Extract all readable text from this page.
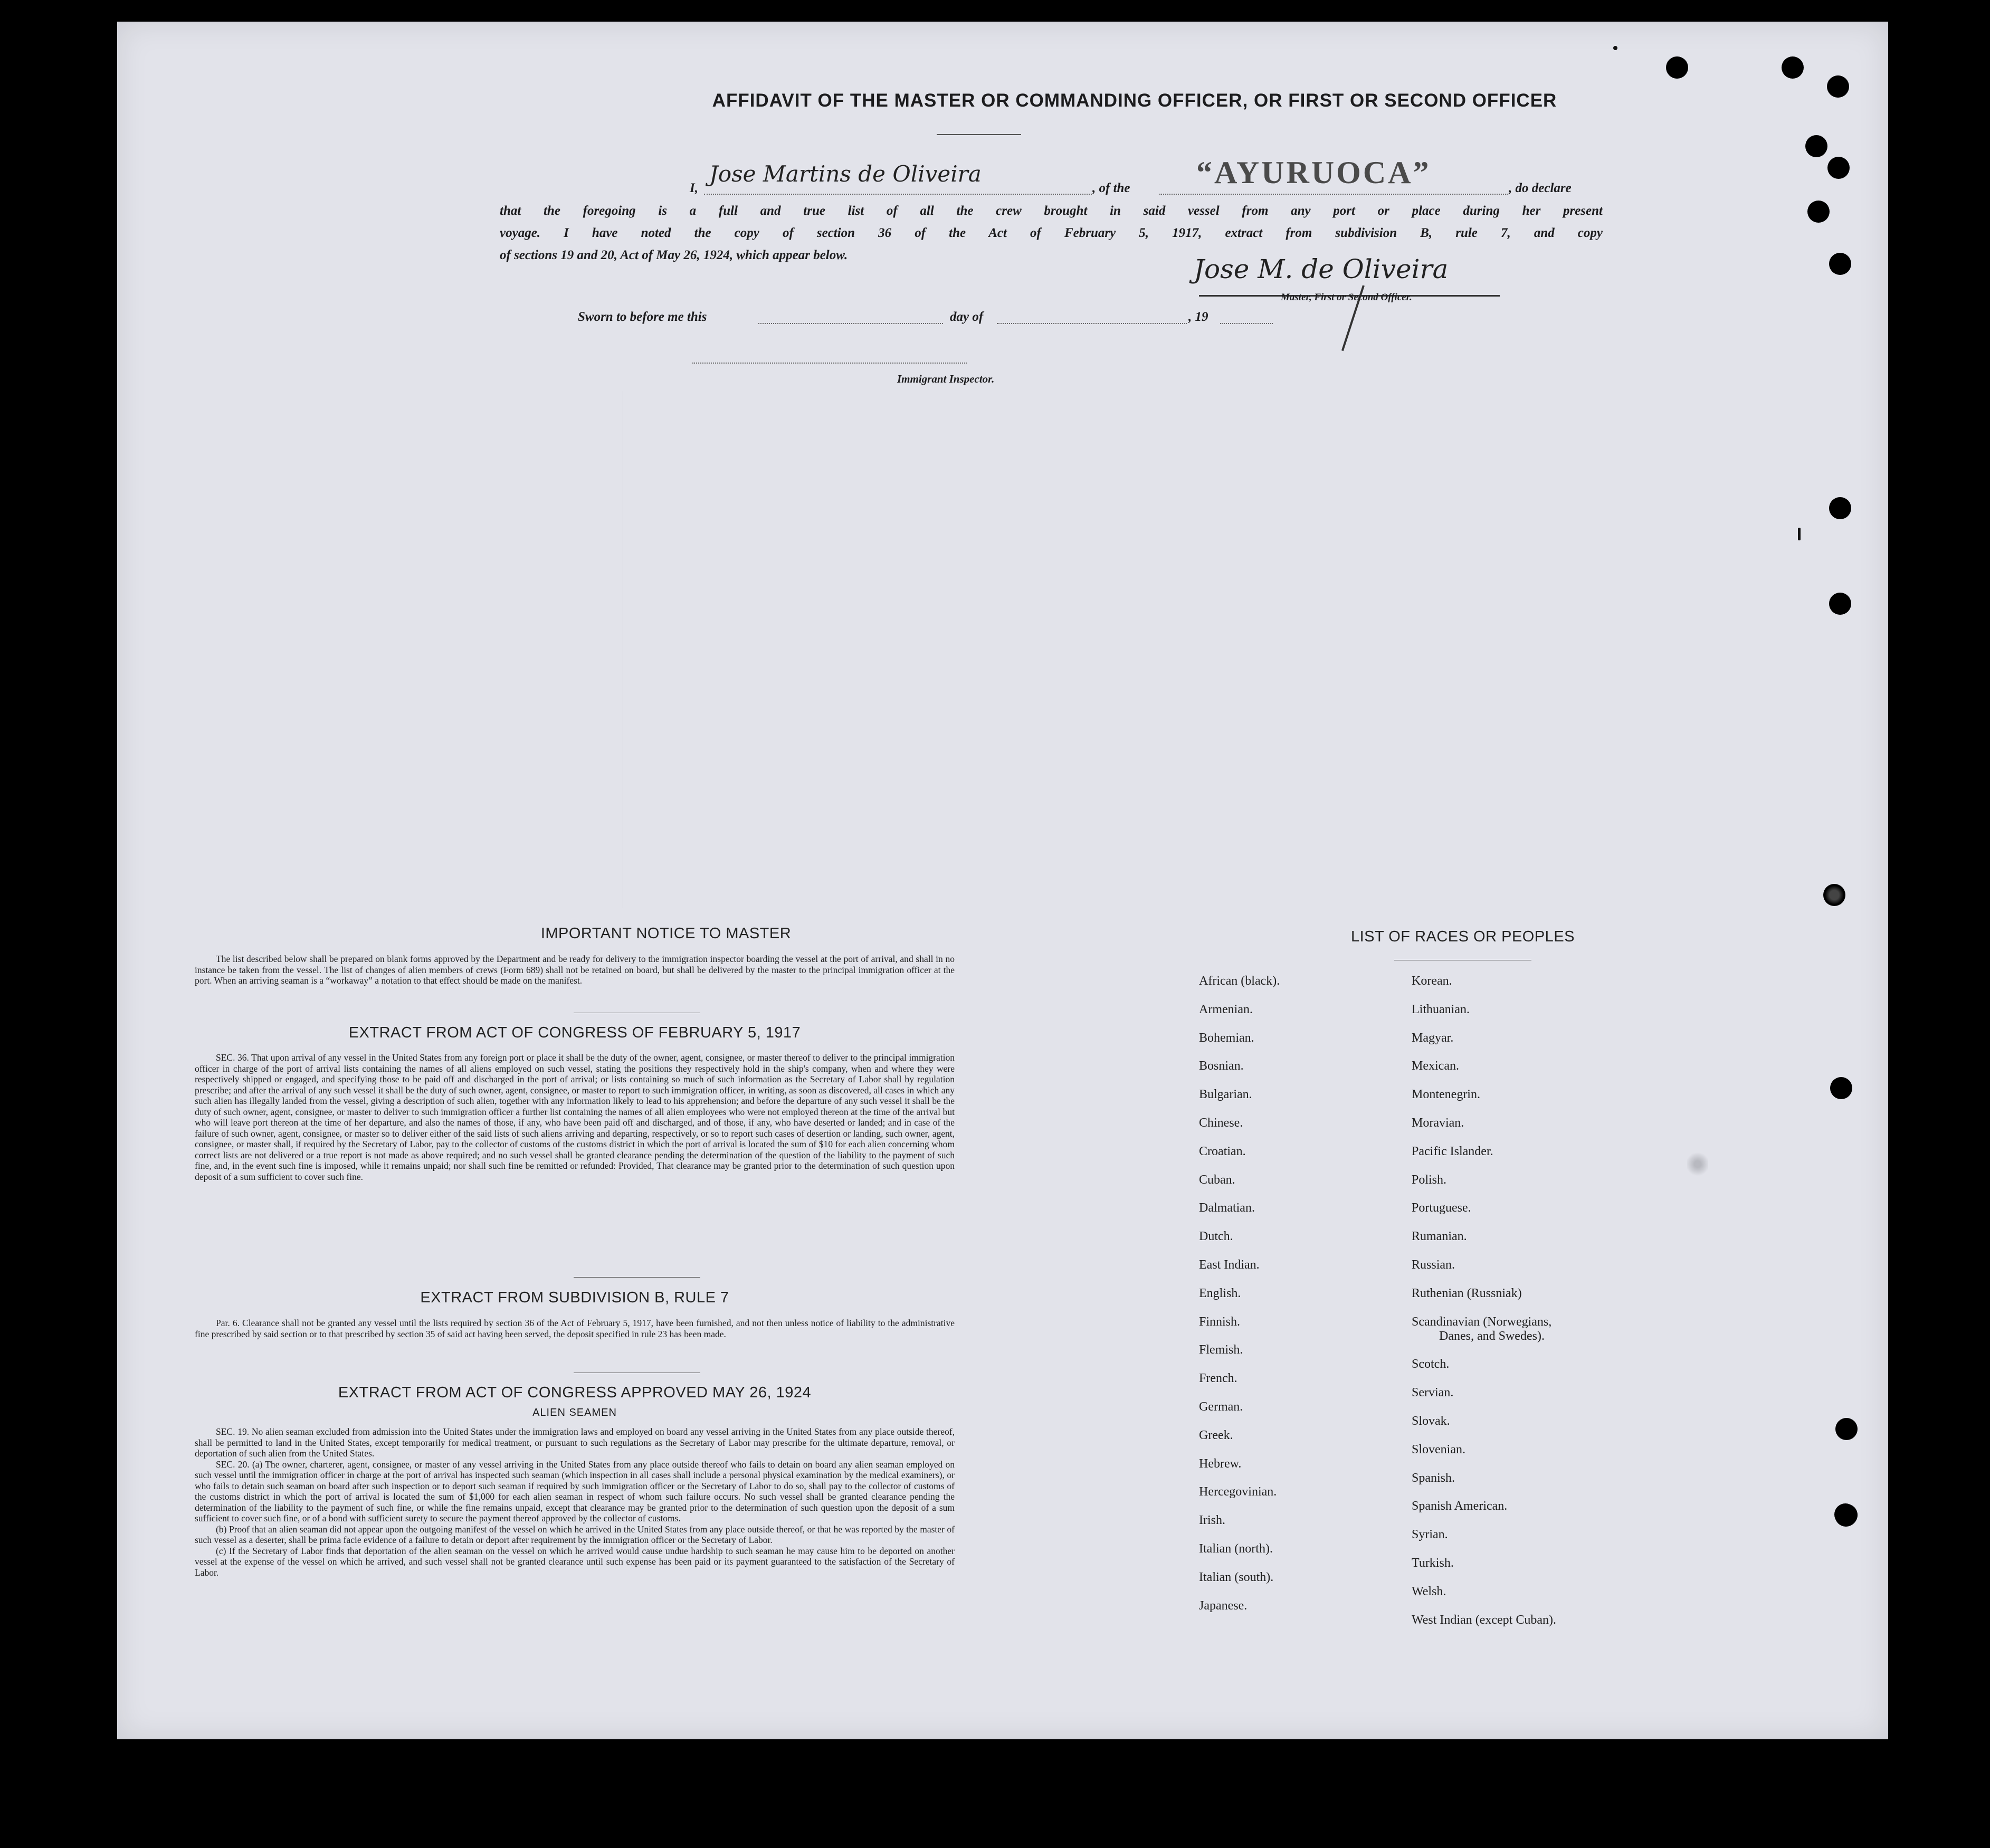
AFFIDAVIT OF THE MASTER OR COMMANDING OFFICER, OR FIRST OR SECOND OFFICER
I,
Jose Martins de Oliveira
, of the “AYURUOCA”	, do declare
that the foregoing is a full and true list of all the crew brought in said vessel from any port or place during her present
voyage. I have noted the copy of section 36 of the Act of February 5, 1917, extract from subdivision B, rule 7, and copy
of sections 19 and 20, Act of May 26, 1924, which appear below.	Jose M. de Oliveira
Master, First or Second Officer.
Sworn to before me this	day of	, 19
Immigrant Inspector.
IMPORTANT NOTICE TO MASTER

The list described below shall be prepared on blank forms approved by the Department and be ready for delivery to the immigration inspector boarding the vessel at the port of arrival, and shall in no instance be taken from the vessel. The list of changes of alien members of crews (Form 689) shall not be retained on board, but shall be delivered by the master to the principal immigration officer at the port. When an arriving seaman is a “workaway” a notation to that effect should be made on the manifest.

EXTRACT FROM ACT OF CONGRESS OF FEBRUARY 5, 1917

SEC. 36. That upon arrival of any vessel in the United States from any foreign port or place it shall be the duty of the owner, agent, consignee, or master thereof to deliver to the principal immigration officer in charge of the port of arrival lists containing the names of all aliens employed on such vessel, stating the positions they respectively hold in the ship's company, when and where they were respectively shipped or engaged, and specifying those to be paid off and discharged in the port of arrival; or lists containing so much of such information as the Secretary of Labor shall by regulation prescribe; and after the arrival of any such vessel it shall be the duty of such owner, agent, consignee, or master to report to such immigration officer, in writing, as soon as discovered, all cases in which any such alien has illegally landed from the vessel, giving a description of such alien, together with any information likely to lead to his apprehension; and before the departure of any such vessel it shall be the duty of such owner, agent, consignee, or master to deliver to such immigration officer a further list containing the names of all alien employees who were not employed thereon at the time of the arrival but who will leave port thereon at the time of her departure, and also the names of those, if any, who have been paid off and discharged, and of those, if any, who have deserted or landed; and in case of the failure of such owner, agent, consignee, or master so to deliver either of the said lists of such aliens arriving and departing, respectively, or so to report such cases of desertion or landing, such owner, agent, consignee, or master shall, if required by the Secretary of Labor, pay to the collector of customs of the customs district in which the port of arrival is located the sum of $10 for each alien concerning whom correct lists are not delivered or a true report is not made as above required; and no such vessel shall be granted clearance pending the determination of the question of the liability to the payment of such fine, and, in the event such fine is imposed, while it remains unpaid; nor shall such fine be remitted or refunded: Provided, That clearance may be granted prior to the determination of such question upon deposit of a sum sufficient to cover such fine.

EXTRACT FROM SUBDIVISION B, RULE 7

Par. 6. Clearance shall not be granted any vessel until the lists required by section 36 of the Act of February 5, 1917, have been furnished, and not then unless notice of liability to the administrative fine prescribed by said section or to that prescribed by section 35 of said act having been served, the deposit specified in rule 23 has been made.

EXTRACT FROM ACT OF CONGRESS APPROVED MAY 26, 1924
ALIEN SEAMEN

SEC. 19. No alien seaman excluded from admission into the United States under the immigration laws and employed on board any vessel arriving in the United States from any place outside thereof, shall be permitted to land in the United States, except temporarily for medical treatment, or pursuant to such regulations as the Secretary of Labor may prescribe for the ultimate departure, removal, or deportation of such alien from the United States.

SEC. 20. (a) The owner, charterer, agent, consignee, or master of any vessel arriving in the United States from any place outside thereof who fails to detain on board any alien seaman employed on such vessel until the immigration officer in charge at the port of arrival has inspected such seaman (which inspection in all cases shall include a personal physical examination by the medical examiners), or who fails to detain such seaman on board after such inspection or to deport such seaman if required by such immigration officer or the Secretary of Labor to do so, shall pay to the collector of customs of the customs district in which the port of arrival is located the sum of $1,000 for each alien seaman in respect of whom such failure occurs. No such vessel shall be granted clearance pending the determination of the liability to the payment of such fine, or while the fine remains unpaid, except that clearance may be granted prior to the determination of such question upon the deposit of a sum sufficient to cover such fine, or of a bond with sufficient surety to secure the payment thereof approved by the collector of customs.

(b) Proof that an alien seaman did not appear upon the outgoing manifest of the vessel on which he arrived in the United States from any place outside thereof, or that he was reported by the master of such vessel as a deserter, shall be prima facie evidence of a failure to detain or deport after requirement by the immigration officer or the Secretary of Labor.

(c) If the Secretary of Labor finds that deportation of the alien seaman on the vessel on which he arrived would cause undue hardship to such seaman he may cause him to be deported on another vessel at the expense of the vessel on which he arrived, and such vessel shall not be granted clearance until such expense has been paid or its payment guaranteed to the satisfaction of the Secretary of Labor.

LIST OF RACES OR PEOPLES
African (black).
Armenian.
Bohemian.
Bosnian.
Bulgarian.
Chinese.
Croatian.
Cuban.
Dalmatian.
Dutch.
East Indian.
English.
Finnish.
Flemish.
French.
German.
Greek.
Hebrew.
Hercegovinian.
Irish.
Italian (north).
Italian (south).
Japanese.
Korean.
Lithuanian.
Magyar.
Mexican.
Montenegrin.
Moravian.
Pacific Islander.
Polish.
Portuguese.
Rumanian.
Russian.
Ruthenian (Russniak)
Scandinavian (Norwegians,
Danes, and Swedes).
Scotch.
Servian.
Slovak.
Slovenian.
Spanish.
Spanish American.
Syrian.
Turkish.
Welsh.
West Indian (except Cuban).
